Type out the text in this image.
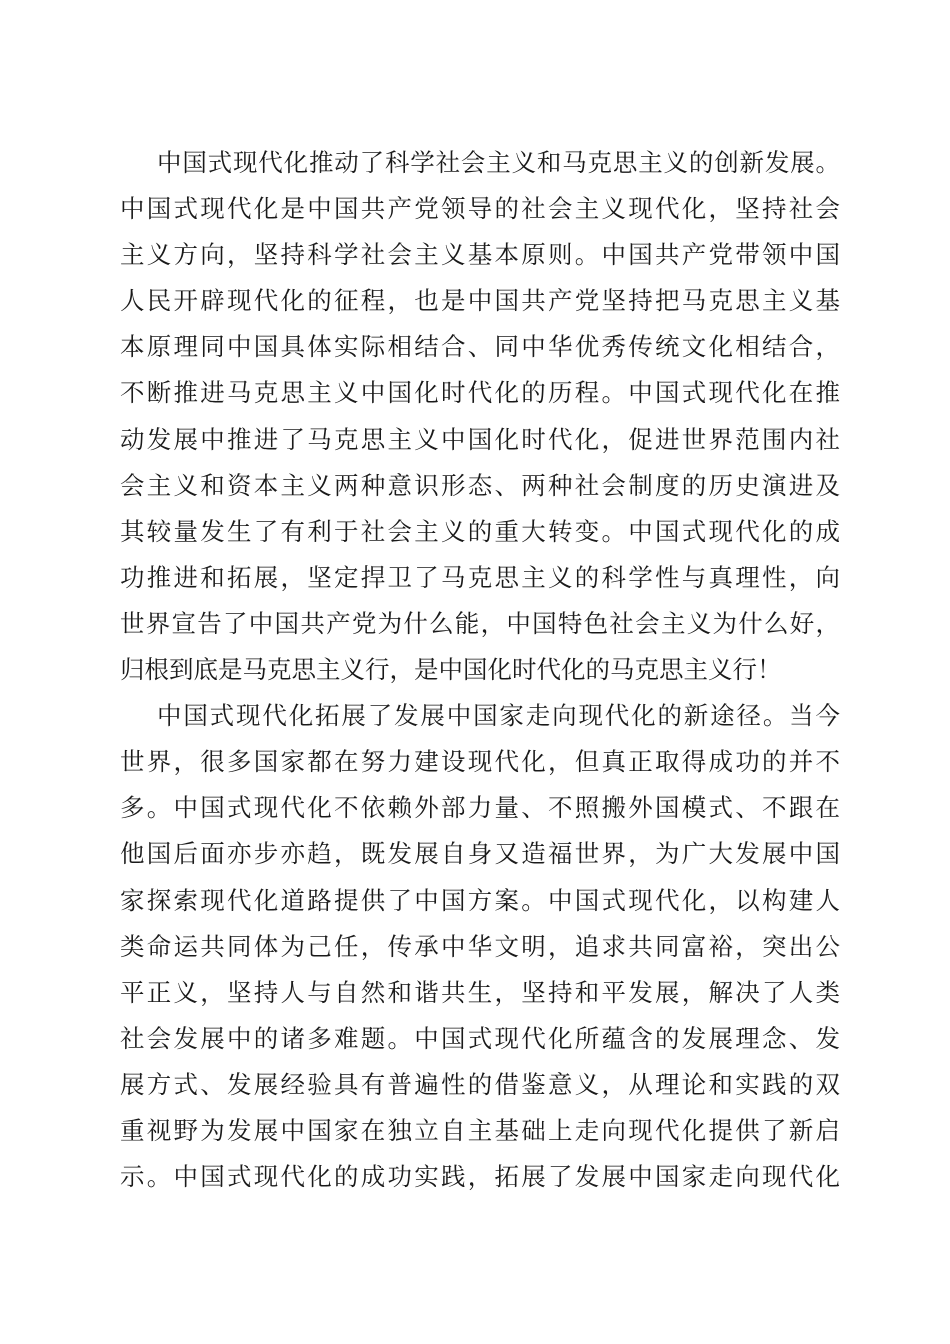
中国式现代化推动了科学社会主义和马克思主义的创新发展。
中国式现代化是中国共产党领导的社会主义现代化，坚持社会
主义方向，坚持科学社会主义基本原则。中国共产党带领中国
人民开辟现代化的征程，也是中国共产党坚持把马克思主义基
本原理同中国具体实际相结合、同中华优秀传统文化相结合，
不断推进马克思主义中国化时代化的历程。中国式现代化在推
动发展中推进了马克思主义中国化时代化，促进世界范围内社
会主义和资本主义两种意识形态、两种社会制度的历史演进及
其较量发生了有利于社会主义的重大转变。中国式现代化的成
功推进和拓展，坚定捍卫了马克思主义的科学性与真理性，向
世界宣告了中国共产党为什么能，中国特色社会主义为什么好，
归根到底是马克思主义行，是中国化时代化的马克思主义行！
中国式现代化拓展了发展中国家走向现代化的新途径。当今
世界，很多国家都在努力建设现代化，但真正取得成功的并不
多。中国式现代化不依赖外部力量、不照搬外国模式、不跟在
他国后面亦步亦趋，既发展自身又造福世界，为广大发展中国
家探索现代化道路提供了中国方案。中国式现代化，以构建人
类命运共同体为己任，传承中华文明，追求共同富裕，突出公
平正义，坚持人与自然和谐共生，坚持和平发展，解决了人类
社会发展中的诸多难题。中国式现代化所蕴含的发展理念、发
展方式、发展经验具有普遍性的借鉴意义，从理论和实践的双
重视野为发展中国家在独立自主基础上走向现代化提供了新启
示。中国式现代化的成功实践，拓展了发展中国家走向现代化
